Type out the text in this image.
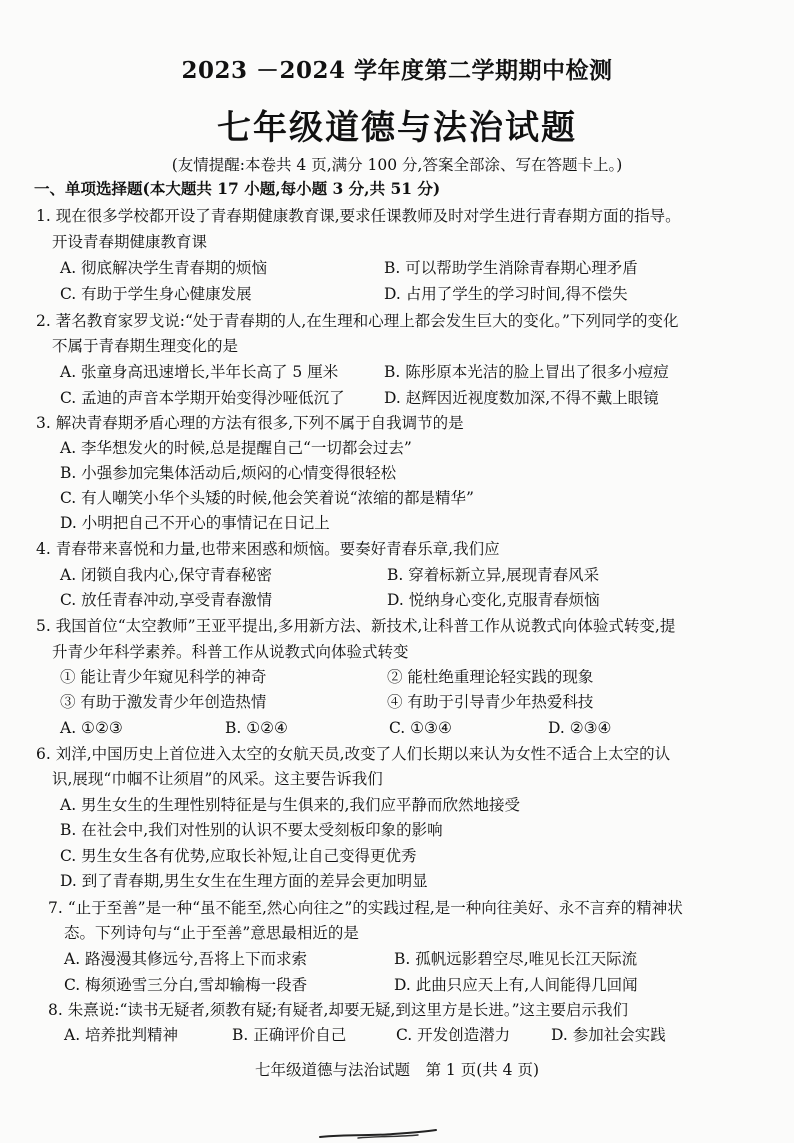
2023 －2024 学年度第二学期期中检测
七年级道德与法治试题
(友情提醒:本卷共 4 页,满分 100 分,答案全部涂、写在答题卡上。)
一、单项选择题(本大题共 17 小题,每小题 3 分,共 51 分)
1. 现在很多学校都开设了青春期健康教育课,要求任课教师及时对学生进行青春期方面的指导。
开设青春期健康教育课
A. 彻底解决学生青春期的烦恼	B. 可以帮助学生消除青春期心理矛盾
C. 有助于学生身心健康发展	D. 占用了学生的学习时间,得不偿失
2. 著名教育家罗戈说:“处于青春期的人,在生理和心理上都会发生巨大的变化。”下列同学的变化
不属于青春期生理变化的是
A. 张童身高迅速增长,半年长高了 5 厘米	B. 陈彤原本光洁的脸上冒出了很多小痘痘
C. 孟迪的声音本学期开始变得沙哑低沉了	D. 赵辉因近视度数加深,不得不戴上眼镜
3. 解决青春期矛盾心理的方法有很多,下列不属于自我调节的是
A. 李华想发火的时候,总是提醒自己“一切都会过去”
B. 小强参加完集体活动后,烦闷的心情变得很轻松
C. 有人嘲笑小华个头矮的时候,他会笑着说“浓缩的都是精华”
D. 小明把自己不开心的事情记在日记上
4. 青春带来喜悦和力量,也带来困惑和烦恼。要奏好青春乐章,我们应
A. 闭锁自我内心,保守青春秘密	B. 穿着标新立异,展现青春风采
C. 放任青春冲动,享受青春激情	D. 悦纳身心变化,克服青春烦恼
5. 我国首位“太空教师”王亚平提出,多用新方法、新技术,让科普工作从说教式向体验式转变,提
升青少年科学素养。科普工作从说教式向体验式转变
① 能让青少年窥见科学的神奇	② 能杜绝重理论轻实践的现象
③ 有助于激发青少年创造热情	④ 有助于引导青少年热爱科技
A. ①②③	B. ①②④	C. ①③④	D. ②③④
6. 刘洋,中国历史上首位进入太空的女航天员,改变了人们长期以来认为女性不适合上太空的认
识,展现“巾帼不让须眉”的风采。这主要告诉我们
A. 男生女生的生理性别特征是与生俱来的,我们应平静而欣然地接受
B. 在社会中,我们对性别的认识不要太受刻板印象的影响
C. 男生女生各有优势,应取长补短,让自己变得更优秀
D. 到了青春期,男生女生在生理方面的差异会更加明显
7. “止于至善”是一种“虽不能至,然心向往之”的实践过程,是一种向往美好、永不言弃的精神状
态。下列诗句与“止于至善”意思最相近的是
A. 路漫漫其修远兮,吾将上下而求索	B. 孤帆远影碧空尽,唯见长江天际流
C. 梅须逊雪三分白,雪却输梅一段香	D. 此曲只应天上有,人间能得几回闻
8. 朱熹说:“读书无疑者,须教有疑;有疑者,却要无疑,到这里方是长进。”这主要启示我们
A. 培养批判精神	B. 正确评价自己	C. 开发创造潜力	D. 参加社会实践
七年级道德与法治试题　第 1 页(共 4 页)
